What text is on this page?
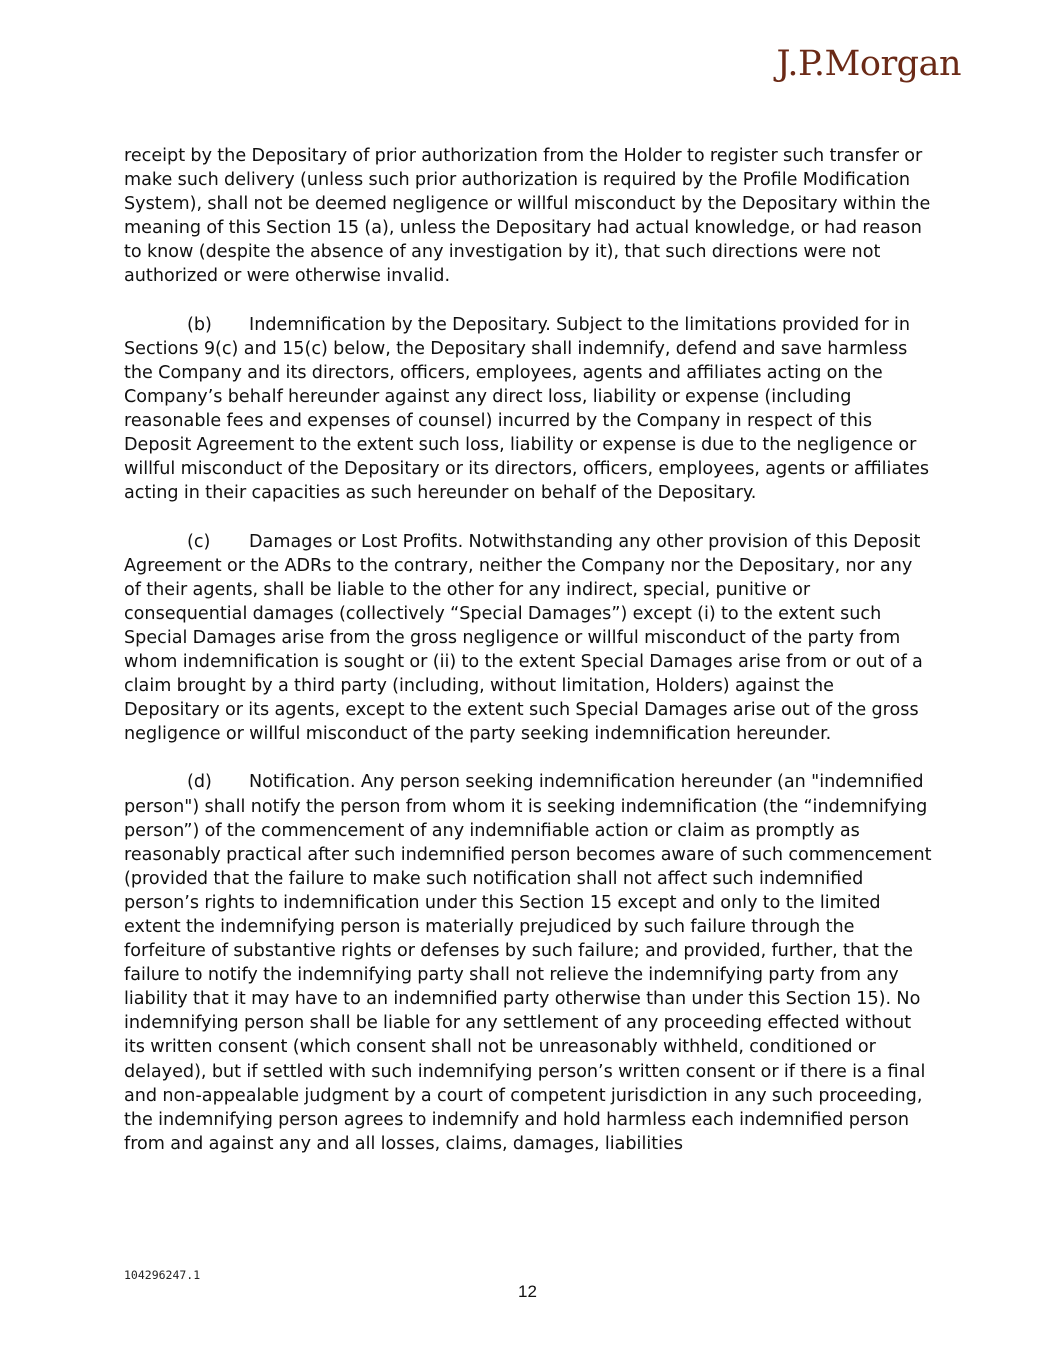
J.P.Morgan

receipt by the Depositary of prior authorization from the Holder to register such transfer or make such delivery (unless such prior authorization is required by the Profile Modification System), shall not be deemed negligence or willful misconduct by the Depositary within the meaning of this Section 15 (a), unless the Depositary had actual knowledge, or had reason to know (despite the absence of any investigation by it), that such directions were not authorized or were otherwise invalid.

(b) Indemnification by the Depositary. Subject to the limitations provided for in Sections 9(c) and 15(c) below, the Depositary shall indemnify, defend and save harmless the Company and its directors, officers, employees, agents and affiliates acting on the Company’s behalf hereunder against any direct loss, liability or expense (including reasonable fees and expenses of counsel) incurred by the Company in respect of this Deposit Agreement to the extent such loss, liability or expense is due to the negligence or willful misconduct of the Depositary or its directors, officers, employees, agents or affiliates acting in their capacities as such hereunder on behalf of the Depositary.

(c) Damages or Lost Profits. Notwithstanding any other provision of this Deposit Agreement or the ADRs to the contrary, neither the Company nor the Depositary, nor any of their agents, shall be liable to the other for any indirect, special, punitive or consequential damages (collectively “Special Damages”) except (i) to the extent such Special Damages arise from the gross negligence or willful misconduct of the party from whom indemnification is sought or (ii) to the extent Special Damages arise from or out of a claim brought by a third party (including, without limitation, Holders) against the Depositary or its agents, except to the extent such Special Damages arise out of the gross negligence or willful misconduct of the party seeking indemnification hereunder.

(d) Notification. Any person seeking indemnification hereunder (an "indemnified person") shall notify the person from whom it is seeking indemnification (the “indemnifying person”) of the commencement of any indemnifiable action or claim as promptly as reasonably practical after such indemnified person becomes aware of such commencement (provided that the failure to make such notification shall not affect such indemnified person’s rights to indemnification under this Section 15 except and only to the limited extent the indemnifying person is materially prejudiced by such failure through the forfeiture of substantive rights or defenses by such failure; and provided, further, that the failure to notify the indemnifying party shall not relieve the indemnifying party from any liability that it may have to an indemnified party otherwise than under this Section 15). No indemnifying person shall be liable for any settlement of any proceeding effected without its written consent (which consent shall not be unreasonably withheld, conditioned or delayed), but if settled with such indemnifying person’s written consent or if there is a final and non-appealable judgment by a court of competent jurisdiction in any such proceeding, the indemnifying person agrees to indemnify and hold harmless each indemnified person from and against any and all losses, claims, damages, liabilities

104296247.1
12
